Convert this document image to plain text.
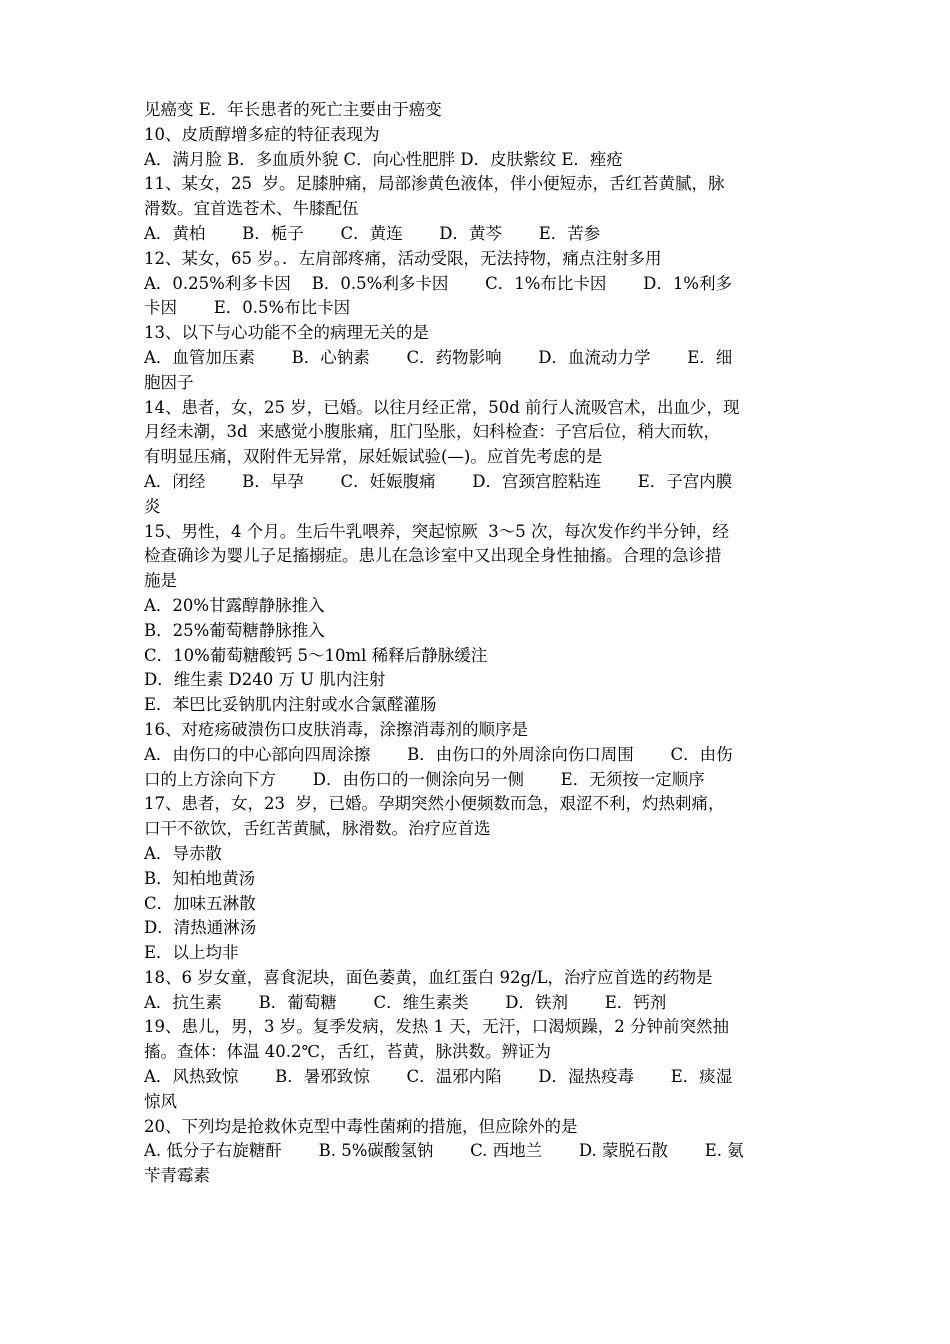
见癌变 E．年长患者的死亡主要由于癌变
10、皮质醇增多症的特征表现为
A．满月脸 B．多血质外貌 C．向心性肥胖 D．皮肤紫纹 E．痤疮
11、某女，25  岁。足膝肿痛，局部渗黄色液体，伴小便短赤，舌红苔黄腻，脉
滑数。宜首选苍术、牛膝配伍
A．黄柏       B．栀子       C．黄连       D．黄芩       E．苦参
12、某女，65 岁。．左肩部疼痛，活动受限，无法持物，痛点注射多用
A．0.25%利多卡因    B．0.5%利多卡因       C．1%布比卡因       D．1%利多
卡因       E．0.5%布比卡因
13、以下与心功能不全的病理无关的是
A．血管加压素       B．心钠素       C．药物影响       D．血流动力学       E．细
胞因子
14、患者，女，25 岁，已婚。以往月经正常，50d 前行人流吸宫术，出血少，现
月经未潮，3d  来感觉小腹胀痛，肛门坠胀，妇科检查：子宫后位，稍大而软，
有明显压痛，双附件无异常，尿妊娠试验(—)。应首先考虑的是
A．闭经       B．早孕       C．妊娠腹痛       D．宫颈宫腔粘连       E．子宫内膜
炎
15、男性，4 个月。生后牛乳喂养，突起惊厥  3～5 次，每次发作约半分钟，经
检查确诊为婴儿子足搐搦症。患儿在急诊室中又出现全身性抽搐。合理的急诊措
施是
A．20%甘露醇静脉推入
B．25%葡萄糖静脉推入
C．10%葡萄糖酸钙 5～10ml 稀释后静脉缓注
D．维生素 D240 万 U 肌内注射
E．苯巴比妥钠肌内注射或水合氯醛灌肠
16、对疮疡破溃伤口皮肤消毒，涂擦消毒剂的顺序是
A．由伤口的中心部向四周涂擦       B．由伤口的外周涂向伤口周围       C．由伤
口的上方涂向下方       D．由伤口的一侧涂向另一侧       E．无须按一定顺序
17、患者，女，23  岁，已婚。孕期突然小便频数而急，艰涩不利，灼热刺痛，
口干不欲饮，舌红苦黄腻，脉滑数。治疗应首选
A．导赤散
B．知柏地黄汤
C．加味五淋散
D．清热通淋汤
E．以上均非
18、6 岁女童，喜食泥块，面色萎黄，血红蛋白 92g/L，治疗应首选的药物是
A．抗生素       B．葡萄糖       C．维生素类       D．铁剂       E．钙剂
19、患儿，男，3 岁。复季发病，发热 1 天，无汗，口渴烦躁，2 分钟前突然抽
搐。查体：体温 40.2℃，舌红，苔黄，脉洪数。辨证为
A．风热致惊       B．暑邪致惊       C．温邪内陷       D．湿热疫毒       E．痰湿
惊风
20、下列均是抢救休克型中毒性菌痢的措施，但应除外的是
A. 低分子右旋糖酐       B. 5%碳酸氢钠       C. 西地兰       D. 蒙脱石散       E. 氨
苄青霉素
